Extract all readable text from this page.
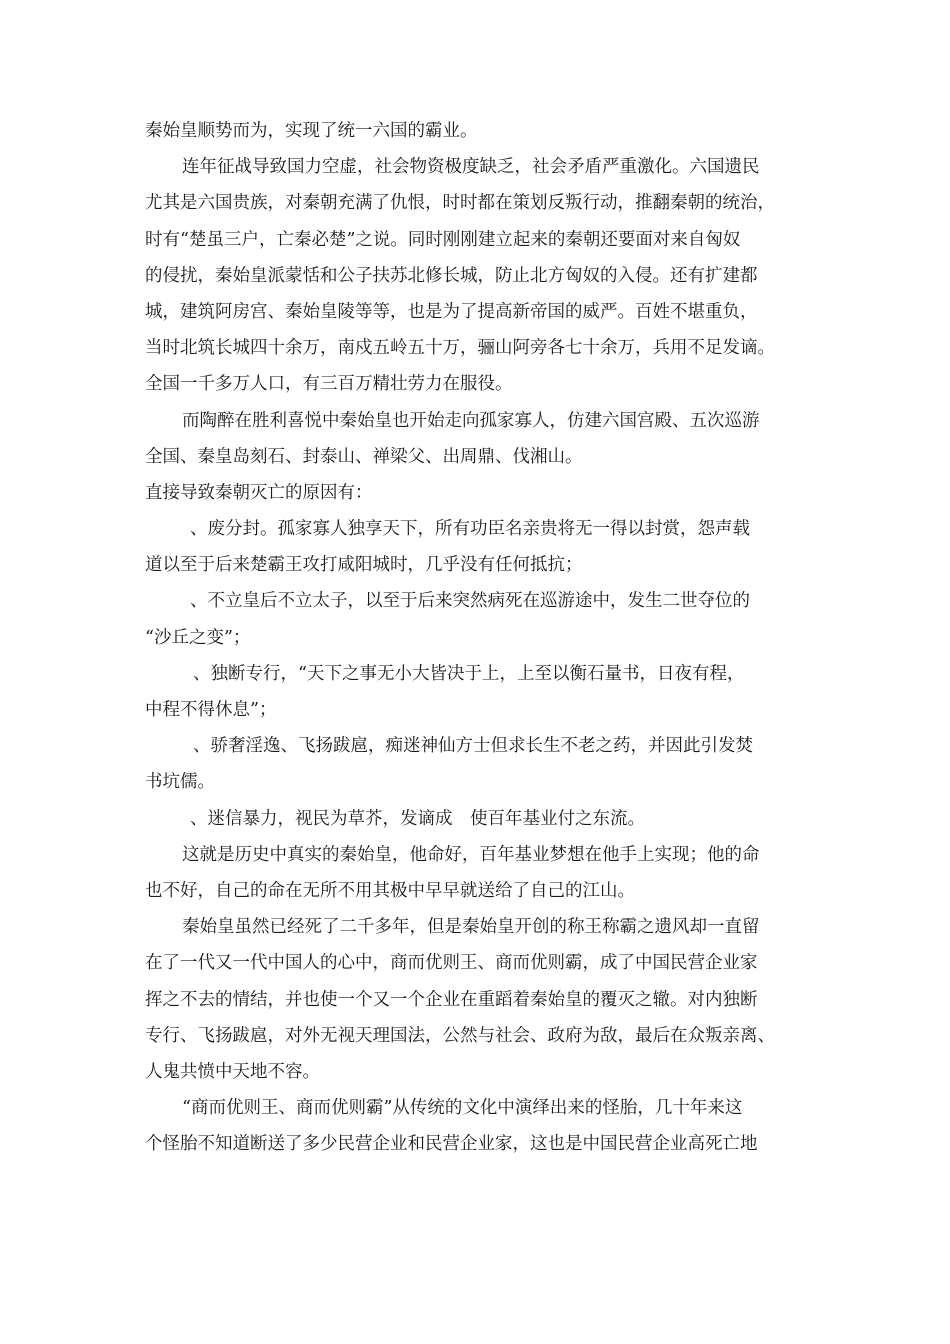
秦始皇顺势而为，实现了统一六国的霸业。
连年征战导致国力空虚，社会物资极度缺乏，社会矛盾严重激化。六国遗民
尤其是六国贵族，对秦朝充满了仇恨，时时都在策划反叛行动，推翻秦朝的统治，
时有“楚虽三户，亡秦必楚”之说。同时刚刚建立起来的秦朝还要面对来自匈奴
的侵扰，秦始皇派蒙恬和公子扶苏北修长城，防止北方匈奴的入侵。还有扩建都
城，建筑阿房宫、秦始皇陵等等，也是为了提高新帝国的威严。百姓不堪重负，
当时北筑长城四十余万，南戍五岭五十万，骊山阿旁各七十余万，兵用不足发谪。
全国一千多万人口，有三百万精壮劳力在服役。
而陶醉在胜利喜悦中秦始皇也开始走向孤家寡人，仿建六国宫殿、五次巡游
全国、秦皇岛刻石、封泰山、禅梁父、出周鼎、伐湘山。
直接导致秦朝灭亡的原因有：
、废分封。孤家寡人独享天下，所有功臣名亲贵将无一得以封赏，怨声载
道以至于后来楚霸王攻打咸阳城时，几乎没有任何抵抗；
、不立皇后不立太子，以至于后来突然病死在巡游途中，发生二世夺位的
“沙丘之变”；
、独断专行，“天下之事无小大皆决于上，上至以衡石量书，日夜有程，
中程不得休息”；
、骄奢淫逸、飞扬跋扈，痴迷神仙方士但求长生不老之药，并因此引发焚
书坑儒。
、迷信暴力，视民为草芥，发谪成　使百年基业付之东流。
这就是历史中真实的秦始皇，他命好，百年基业梦想在他手上实现；他的命
也不好，自己的命在无所不用其极中早早就送给了自己的江山。
秦始皇虽然已经死了二千多年，但是秦始皇开创的称王称霸之遗风却一直留
在了一代又一代中国人的心中，商而优则王、商而优则霸，成了中国民营企业家
挥之不去的情结，并也使一个又一个企业在重蹈着秦始皇的覆灭之辙。对内独断
专行、飞扬跋扈，对外无视天理国法，公然与社会、政府为敌，最后在众叛亲离、
人鬼共愤中天地不容。
“商而优则王、商而优则霸”从传统的文化中演绎出来的怪胎，几十年来这
个怪胎不知道断送了多少民营企业和民营企业家，这也是中国民营企业高死亡地
